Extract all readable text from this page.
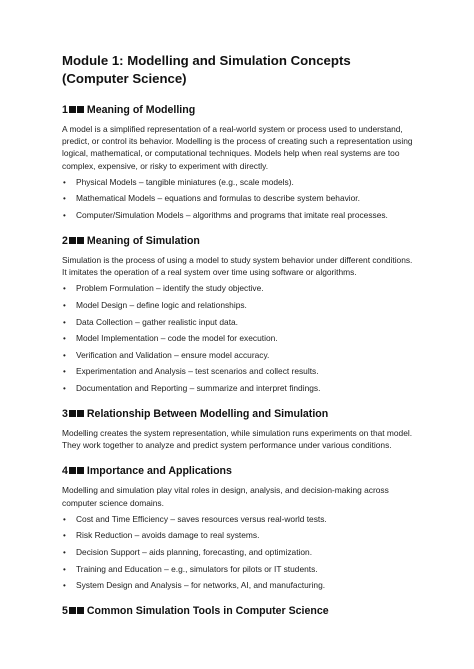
Module 1: Modelling and Simulation Concepts (Computer Science)
1 Meaning of Modelling

A model is a simplified representation of a real-world system or process used to understand, predict, or control its behavior. Modelling is the process of creating such a representation using logical, mathematical, or computational techniques. Models help when real systems are too complex, expensive, or risky to experiment with directly.

• Physical Models – tangible miniatures (e.g., scale models).
• Mathematical Models – equations and formulas to describe system behavior.
• Computer/Simulation Models – algorithms and programs that imitate real processes.
2 Meaning of Simulation

Simulation is the process of using a model to study system behavior under different conditions. It imitates the operation of a real system over time using software or algorithms.

• Problem Formulation – identify the study objective.
• Model Design – define logic and relationships.
• Data Collection – gather realistic input data.
• Model Implementation – code the model for execution.
• Verification and Validation – ensure model accuracy.
• Experimentation and Analysis – test scenarios and collect results.
• Documentation and Reporting – summarize and interpret findings.
3 Relationship Between Modelling and Simulation

Modelling creates the system representation, while simulation runs experiments on that model. They work together to analyze and predict system performance under various conditions.

4 Importance and Applications

Modelling and simulation play vital roles in design, analysis, and decision-making across computer science domains.

• Cost and Time Efficiency – saves resources versus real-world tests.
• Risk Reduction – avoids damage to real systems.
• Decision Support – aids planning, forecasting, and optimization.
• Training and Education – e.g., simulators for pilots or IT students.
• System Design and Analysis – for networks, AI, and manufacturing.
5 Common Simulation Tools in Computer Science
